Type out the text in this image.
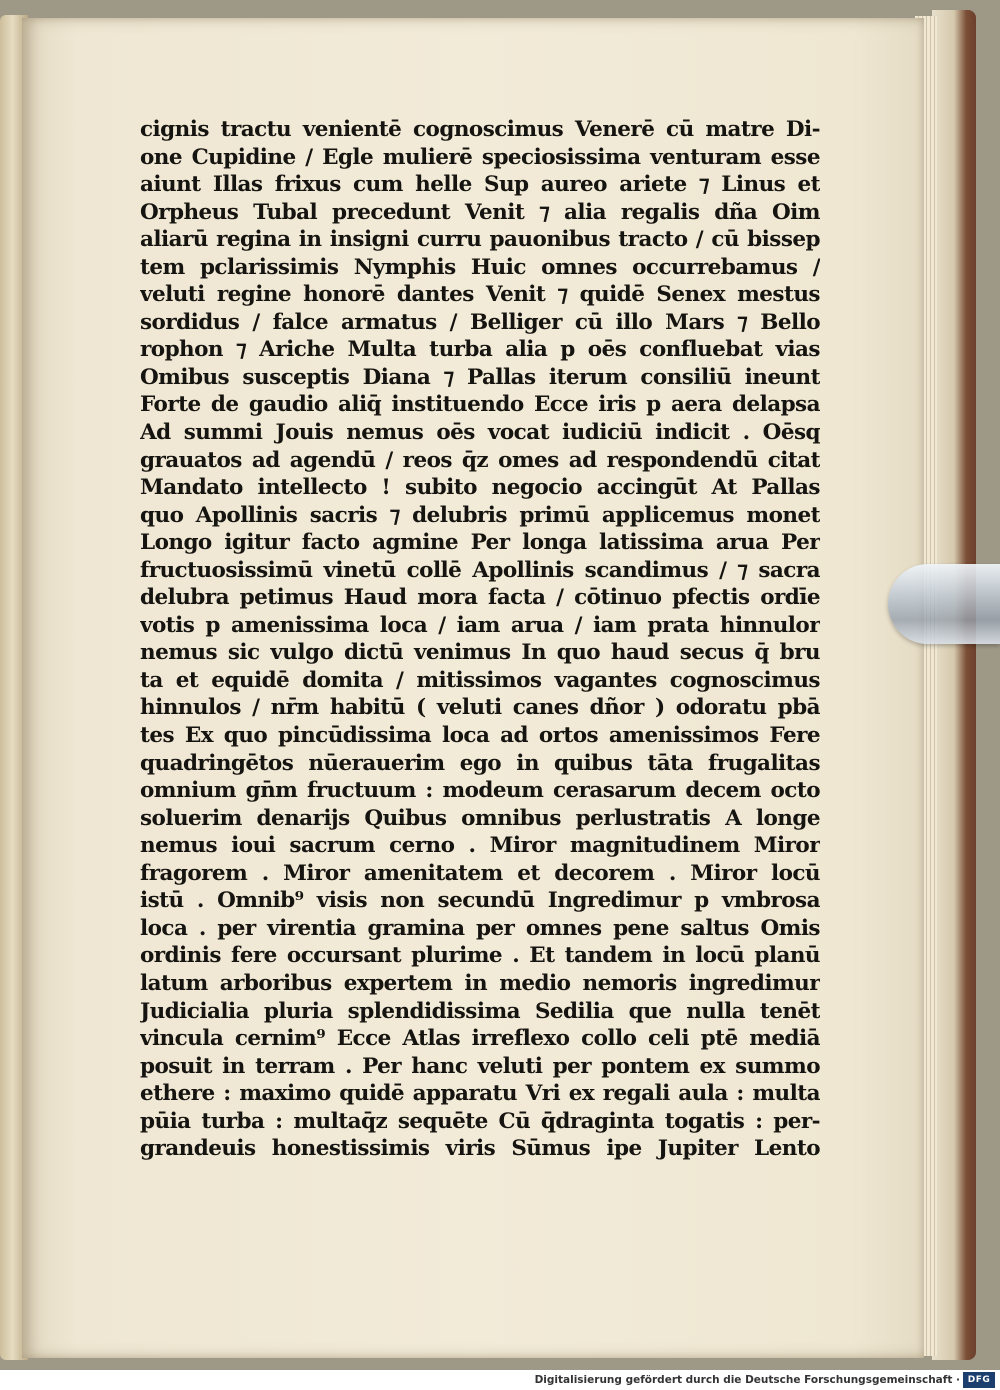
cignis tractu venientē cognoscimus Venerē cū matre Di-
one Cupidine / Egle mulierē speciosissima venturam esse
aiunt Illas frixus cum helle Sup aureo ariete ⁊ Linus et
Orpheus Tubal precedunt Venit ⁊ alia regalis dña Oim
aliarū regina in insigni curru pauonibus tracto / cū bissep
tem pclarissimis Nymphis Huic omnes occurrebamus /
veluti regine honorē dantes Venit ⁊ quidē Senex mestus
sordidus / falce armatus / Belliger cū illo Mars ⁊ Bello
rophon ⁊ Ariche Multa turba alia p oēs confluebat vias
Omibus susceptis Diana ⁊ Pallas iterum consiliū ineunt
Forte de gaudio aliq̄ instituendo Ecce iris p aera delapsa
Ad summi Jouis nemus oēs vocat iudiciū indicit . Oēsq
grauatos ad agendū / reos q̄z omes ad respondendū citat
Mandato intellecto ! subito negocio accingūt At Pallas
quo Apollinis sacris ⁊ delubris primū applicemus monet
Longo igitur facto agmine Per longa latissima arua Per
fructuosissimū vinetū collē Apollinis scandimus / ⁊ sacra
delubra petimus Haud mora facta / cōtinuo pfectis ordīe
votis p amenissima loca / iam arua / iam prata hinnulor
nemus sic vulgo dictū venimus In quo haud secus q̄ bru
ta et equidē domita / mitissimos vagantes cognoscimus
hinnulos / nr̄m habitū ( veluti canes dñor ) odoratu pbā
tes Ex quo pincūdissima loca ad ortos amenissimos Fere
quadringētos nūerauerim ego in quibus tāta frugalitas
omnium gn̄m fructuum : modeum cerasarum decem octo
soluerim denarijs Quibus omnibus perlustratis A longe
nemus ioui sacrum cerno . Miror magnitudinem Miror
fragorem . Miror amenitatem et decorem . Miror locū
istū . Omnib⁹ visis non secundū Ingredimur p vmbrosa
loca . per virentia gramina per omnes pene saltus Omis
ordinis fere occursant plurime . Et tandem in locū planū
latum arboribus expertem in medio nemoris ingredimur
Judicialia pluria splendidissima Sedilia que nulla tenēt
vincula cernim⁹ Ecce Atlas irreflexo collo celi ptē mediā
posuit in terram . Per hanc veluti per pontem ex summo
ethere : maximo quidē apparatu Vri ex regali aula : multa
pūia turba : multaq̄z sequēte Cū q̄draginta togatis : per-
grandeuis honestissimis viris Sūmus ipe Jupiter Lento
Digitalisierung gefördert durch die Deutsche Forschungsgemeinschaft · DFG
